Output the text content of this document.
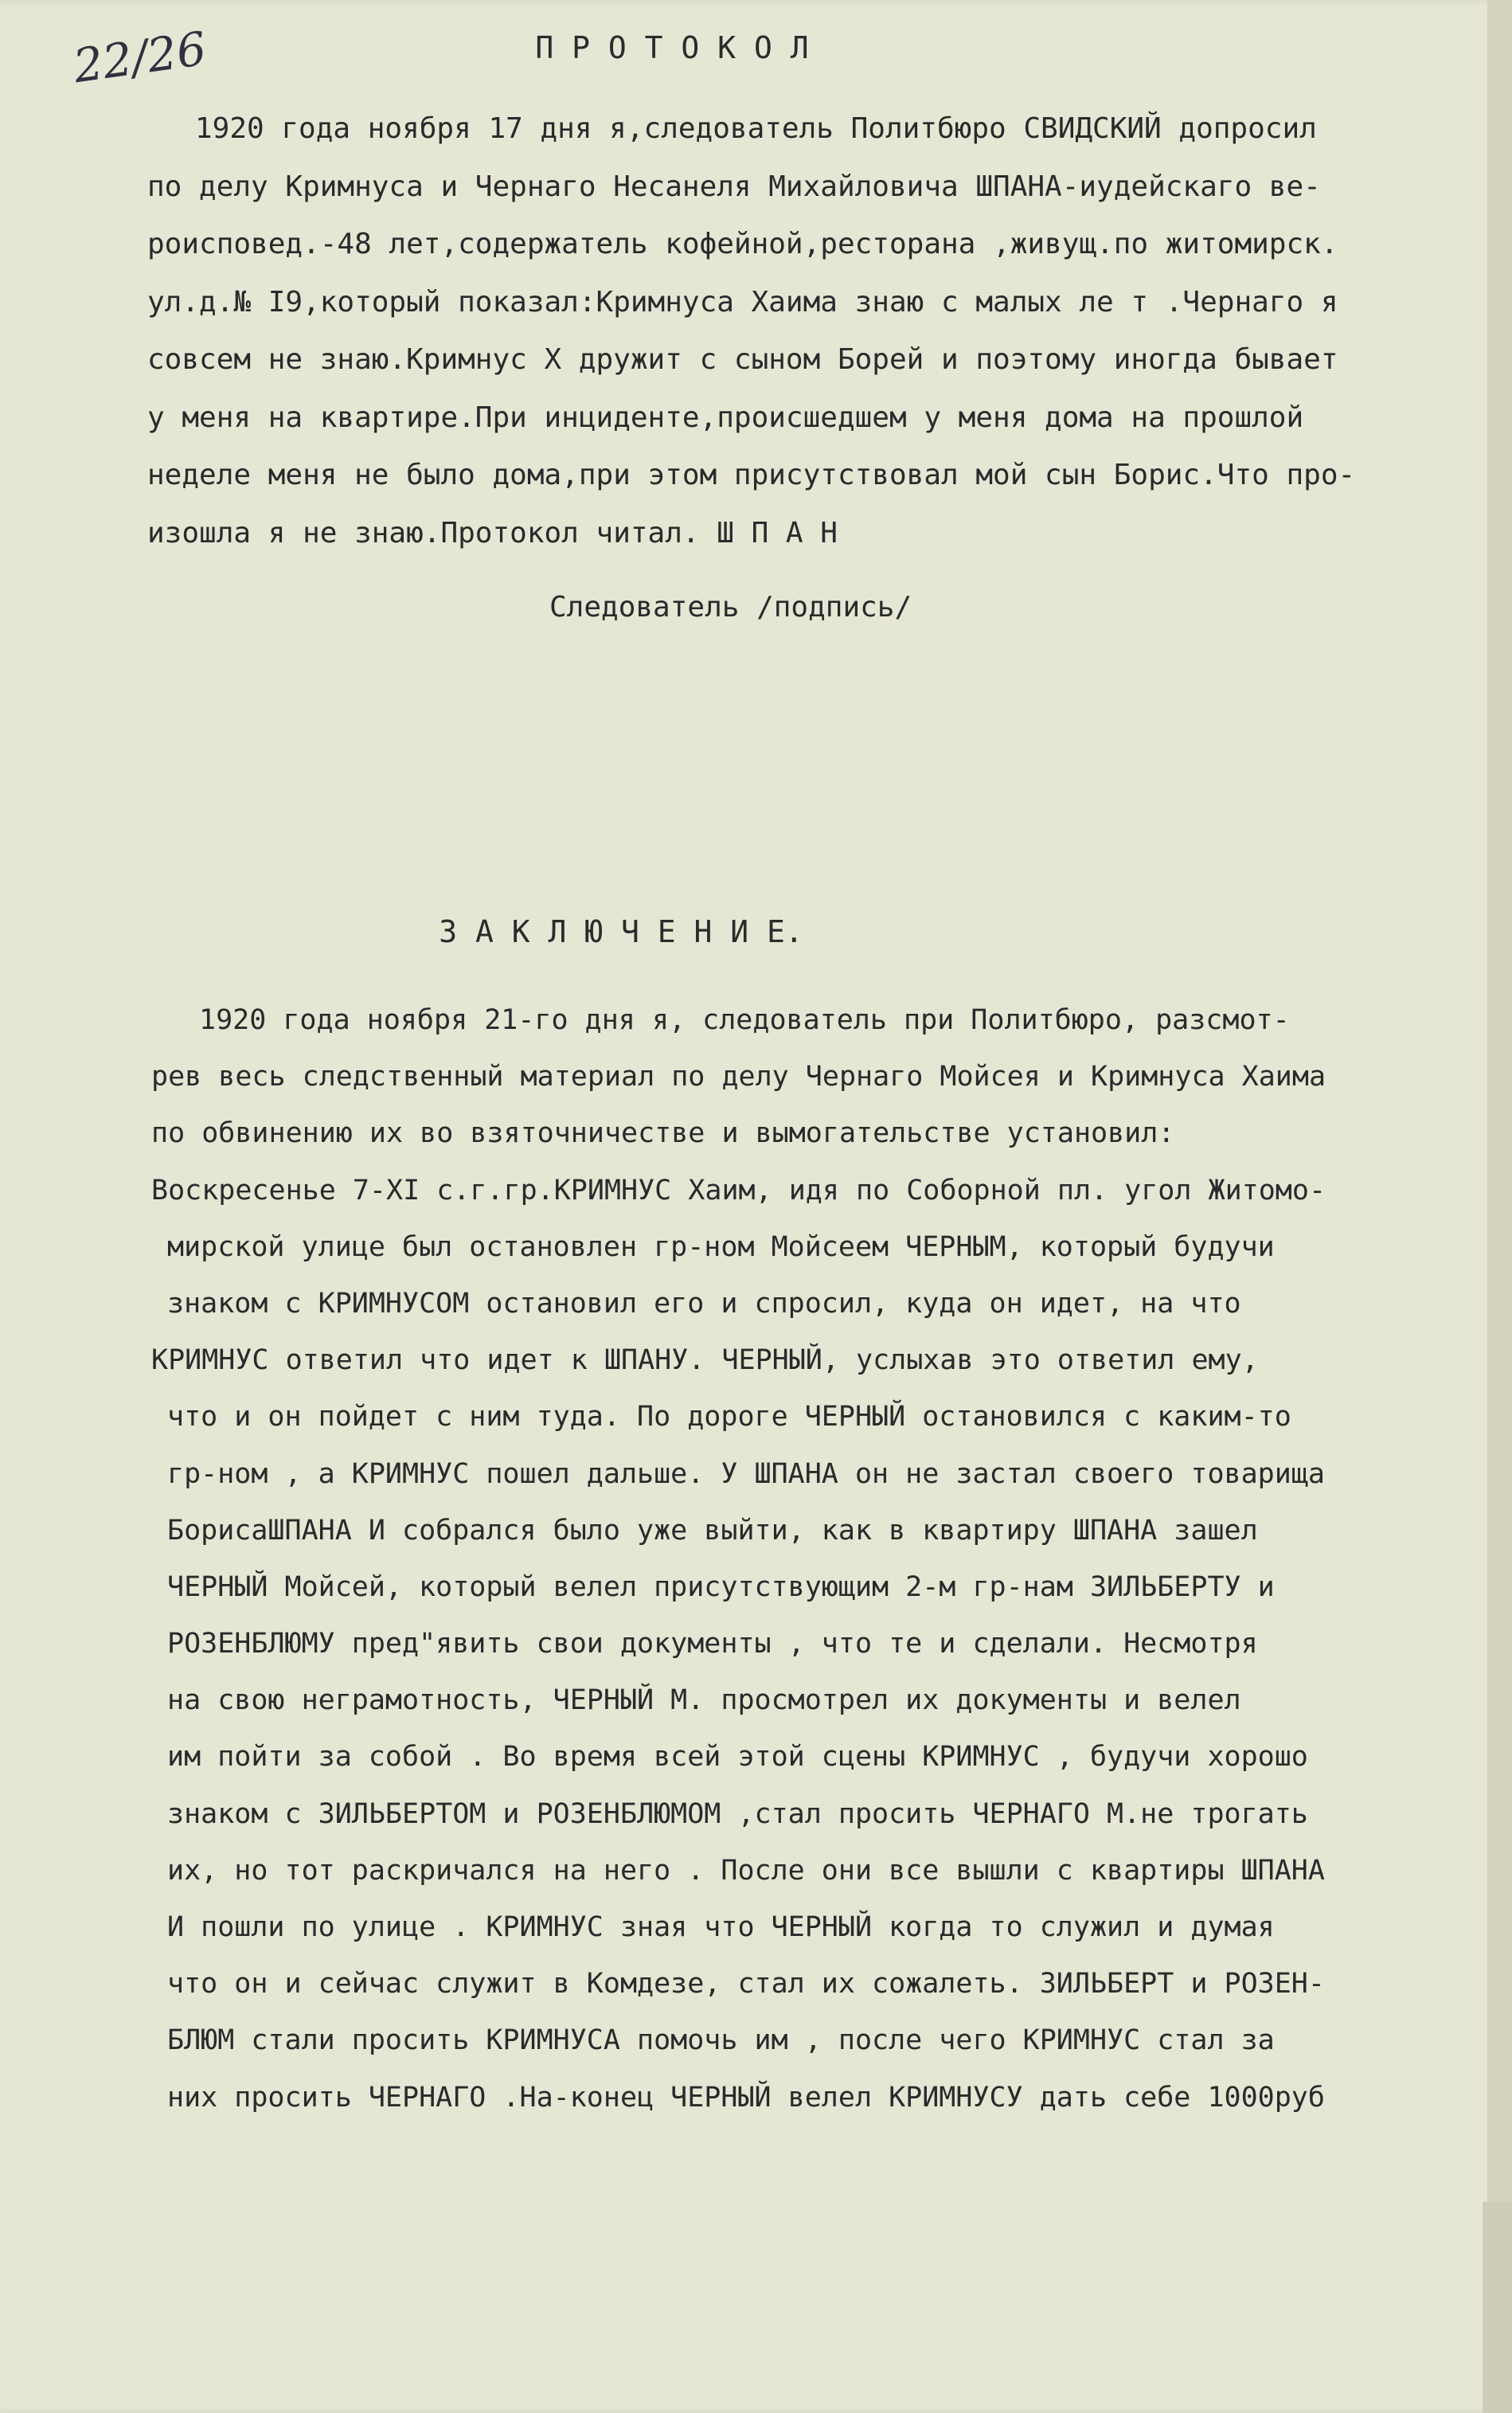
22/26	П Р О Т О К О Л
1920 года ноября 17 дня я,следователь Политбюро СВИДСКИЙ допросил
по делу Кримнуса и Чернаго Несанеля Михайловича ШПАНА-иудейскаго ве-
роисповед.-48 лет,содержатель кофейной,ресторана ,живущ.по житомирск.
ул.д.№ I9,который показал:Кримнуса Хаима знаю с малых ле т .Чернаго я
совсем не знаю.Кримнус Х дружит с сыном Борей и поэтому иногда бывает
у меня на квартире.При инциденте,происшедшем у меня дома на прошлой
неделе меня не было дома,при этом присутствовал мой сын Борис.Что про-
изошла я не знаю.Протокол читал. Ш П А Н

Следователь /подпись/

З А К Л Ю Ч Е Н И Е.
1920 года ноября 21-го дня я, следователь при Политбюро, разсмот-
рев весь следственный материал по делу Чернаго Мойсея и Кримнуса Хаима
по обвинению их во взяточничестве и вымогательстве установил:
Воскресенье 7-XI с.г.гр.КРИМНУС Хаим, идя по Соборной пл. угол Житомо-
мирской улице был остановлен гр-ном Мойсеем ЧЕРНЫМ, который будучи
знаком с КРИМНУСОМ остановил его и спросил, куда он идет, на что
КРИМНУС ответил что идет к ШПАНУ. ЧЕРНЫЙ, услыхав это ответил ему,
что и он пойдет с ним туда. По дороге ЧЕРНЫЙ остановился с каким-то
гр-ном , а КРИМНУС пошел дальше. У ШПАНА он не застал своего товарища
БорисаШПАНА И собрался было уже выйти, как в квартиру ШПАНА зашел
ЧЕРНЫЙ Мойсей, который велел присутствующим 2-м гр-нам ЗИЛЬБЕРТУ и
РОЗЕНБЛЮМУ пред"явить свои документы , что те и сделали. Несмотря
на свою неграмотность, ЧЕРНЫЙ М. просмотрел их документы и велел
им пойти за собой . Во время всей этой сцены КРИМНУС , будучи хорошо
знаком с ЗИЛЬБЕРТОМ и РОЗЕНБЛЮМОМ ,стал просить ЧЕРНАГО М.не трогать
их, но тот раскричался на него . После они все вышли с квартиры ШПАНА
И пошли по улице . КРИМНУС зная что ЧЕРНЫЙ когда то служил и думая
что он и сейчас служит в Комдезе, стал их сожалеть. ЗИЛЬБЕРТ и РОЗЕН-
БЛЮМ стали просить КРИМНУСА помочь им , после чего КРИМНУС стал за
них просить ЧЕРНАГО .На-конец ЧЕРНЫЙ велел КРИМНУСУ дать себе 1000руб
